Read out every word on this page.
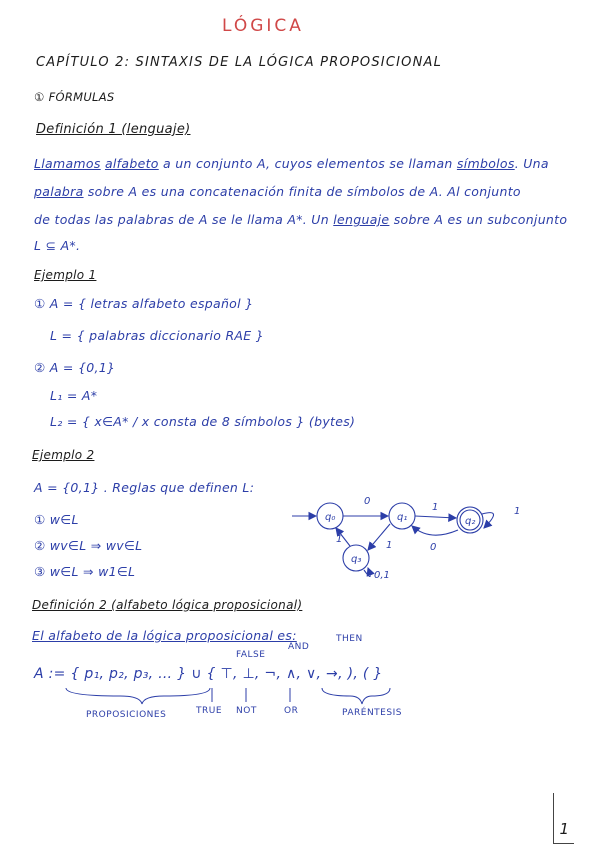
LÓGICA
CAPÍTULO 2: SINTAXIS DE LA LÓGICA PROPOSICIONAL
① FÓRMULAS
Definición 1 (lenguaje)
Llamamos alfabeto a un conjunto A, cuyos elementos se llaman símbolos. Una
palabra sobre A es una concatenación finita de símbolos de A. Al conjunto
de todas las palabras de A se le llama A*. Un lenguaje sobre A es un subconjunto
L ⊆ A*.
Ejemplo 1
① A = { letras alfabeto español }
L = { palabras diccionario RAE }
② A = {0,1}
L₁ = A*
L₂ = { x∈A* / x consta de 8 símbolos } (bytes)
Ejemplo 2
A = {0,1} . Reglas que definen L:
① w∈L
② wv∈L ⇒ wv∈L
③ w∈L ⇒ w1∈L
q₀	q₁	q₂
q₃
0
1
0
1
1
0,1
1
Definición 2 (alfabeto lógica proposicional)
El alfabeto de la lógica proposicional es:
FALSE
AND
THEN
A := { p₁, p₂, p₃, … } ∪ { ⊤, ⊥, ¬, ∧, ∨, →, ), ( }
PROPOSICIONES	TRUE NOT	OR	PARÉNTESIS
1
